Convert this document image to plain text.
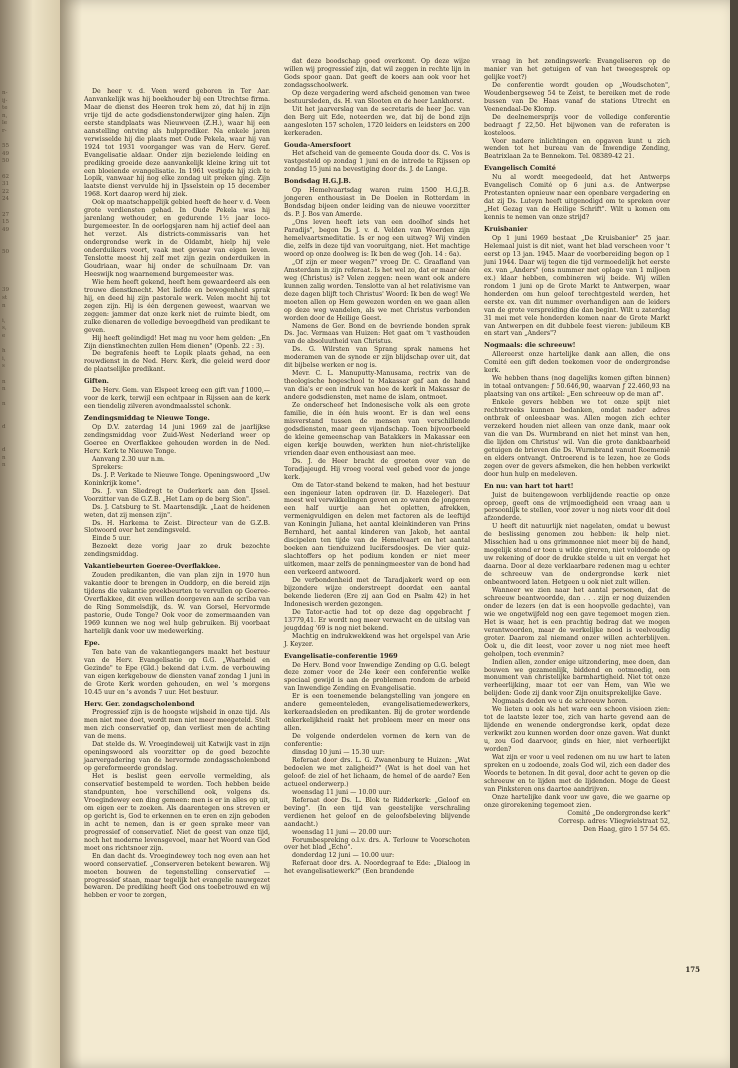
n-
ij-
te
n,
le
r-

55
49
50

62
31
22
24

27
15
49

50

39
st
n

i,
s,
e

h
i,
s

n
n

n

d

d
n
n

De heer v. d. Veen werd geboren in Ter Aar. Aanvankelijk was hij boekhouder bij een Utrechtse firma. Maar de dienst des Heeren trok hem zó, dat hij in zijn vrije tijd de acte godsdienstonderwijzer ging halen. Zijn eerste standplaats was Nieuwveen (Z.H.), waar hij een aanstelling ontving als hulpprediker. Na enkele jaren verwisselde hij die plaats met Oude Pekela, waar hij van 1924 tot 1931 voorganger was van de Herv. Geref. Evangelisatie aldaar. Onder zijn bezielende leiding en prediking groeide deze aanvankelijk kleine kring uit tot een bloeiende evangelisatie. In 1961 vestigde hij zich te Lopik, vanwaar hij nog elke zondag uit preken ging. Zijn laatste dienst vervulde hij in IJsselstein op 15 december 1968. Kort daarop werd hij ziek.

Ook op maatschappelijk gebied heeft de heer v. d. Veen grote verdiensten gehad. In Oude Pekela was hij jarenlang wethouder, en gedurende 1½ jaar loco-burgemeester. In de oorlogsjaren nam hij actief deel aan het verzet. Als districts-commissaris van het ondergrondse werk in de Oldambt, hielp hij vele onderduikers voort, vaak met gevaar van eigen leven. Tenslotte moest hij zelf met zijn gezin onderduiken in Goudriaan, waar hij onder de schuilnaam Dr. van Heeswijk nog waarnemend burgemeester was.

Wie hem heeft gekend, heeft hem gewaardeerd als een trouwe dienstknecht. Met liefde en bewogenheid sprak hij, en deed hij zijn pastorale werk. Velen mocht hij tot zegen zijn. Hij is één dergenen geweest, waarvan we zeggen: jammer dat onze kerk niet de ruimte biedt, om zulke dienaren de volledige bevoegdheid van predikant te geven.

Hij heeft geëindigd! Het mag nu voor hem gelden: „En Zijn dienstknechten zullen Hem dienen" (Openb. 22 : 3).

De begrafenis heeft te Lopik plaats gehad, na een rouwdienst in de Ned. Herv. Kerk, die geleid werd door de plaatselijke predikant.

Giften.

De Herv. Gem. van Elspeet kreeg een gift van ƒ 1000,— voor de kerk, terwijl een echtpaar in Rijssen aan de kerk een tiendelig zilveren avondmaalsstel schonk.

Zendingsmiddag te Nieuwe Tonge.

Op D.V. zaterdag 14 juni 1969 zal de jaarlijkse zendingsmiddag voor Zuid-West Nederland weer op Goeree en Overflakkee gehouden worden in de Ned. Herv. Kerk te Nieuwe Tonge.

Aanvang 2.30 uur n.m.

Sprekers:

Ds. J. P. Verkade te Nieuwe Tonge. Openingswoord „Uw Koninkrijk kome".

Ds. J. van Sliedregt te Ouderkerk aan den IJssel. Voorzitter van de G.Z.B. „Het Lam op de berg Sion".

Ds. J. Catsburg te St. Maartensdijk. „Laat de heidenen weten, dat zij mensen zijn".

Ds. H. Harkema te Zeist. Directeur van de G.Z.B. Slotwoord over het zendingsveld.

Einde 5 uur.

Bezoekt deze vorig jaar zo druk bezochte zendingsmiddag.

Vakantiebeurten Goeree-Overflakkee.

Zouden predikanten, die van plan zijn in 1970 hun vakantie door te brengen in Ouddorp, en die bereid zijn tijdens die vakantie preekbeurten te vervullen op Goeree-Overflakkee, dit even willen doorgeven aan de scriba van de Ring Sommelsdijk, ds. W. van Gorsel, Hervormde pastorie, Oude Tonge? Ook voor de zomermaanden van 1969 kunnen we nog wel hulp gebruiken. Bij voorbaat hartelijk dank voor uw medewerking.

Epe.

Ten bate van de vakantiegangers maakt het bestuur van de Herv. Evangelisatie op G.G. „Waarheid en Gezinde" te Epe (Gld.) bekend dat i.v.m. de verbouwing van eigen kerkgebouw de diensten vanaf zondag 1 juni in de Grote Kerk worden gehouden, en wel 's morgens 10.45 uur en 's avonds 7 uur. Het bestuur.

Herv. Ger. zondagscholenbond

Progressief zijn is de hoogste wijsheid in onze tijd. Als men niet mee doet, wordt men niet meer meegeteld. Stelt men zich conservatief op, dan verliest men de achting van de mens.

Dat stelde ds. W. Vroegindeweij uit Katwijk vast in zijn openingswoord als voorzitter op de goed bezochte jaarvergadering van de hervormde zondagsscholenbond op gereformeerde grondslag.

Het is beslist geen eervolle vermelding, als conservatief bestempeld te worden. Toch hebben beide standpunten, hoe verschillend ook, volgens ds. Vroegindewey een ding gemeen: men is er in alles op uit, om eigen eer te zoeken. Als daarentegen ons streven er op gericht is, God te erkennen en te eren en zijn geboden in acht te nemen, dan is er geen sprake meer van progressief of conservatief. Niet de geest van onze tijd, noch het moderne levensgevoel, maar het Woord van God moet ons richtsnoer zijn.

En dan dacht ds. Vroegindewey toch nog even aan het woord conservatief. „Conserveren betekent bewaren. Wij moeten bouwen de tegenstelling conservatief — progressief staan, maar tegelijk het evangelie nauwgezet bewaren. De prediking heeft God ons toebetrouwd en wij hebben er voor te zorgen,

dat deze boodschap goed overkomt. Op deze wijze willen wij progressief zijn, dat wil zeggen in rechte lijn in Gods spoor gaan. Dat geeft de koers aan ook voor het zondagsschoolwerk.

Op deze vergadering werd afscheid genomen van twee bestuursleden, ds. H. van Slooten en de heer Lankhorst.

Uit het jaarverslag van de secretaris de heer Jac. van den Berg uit Ede, noteerden we, dat bij de bond zijn aangesloten 157 scholen, 1720 leiders en leidsters en 200 kerkeraden.

Gouda-Amersfoort

Het afscheid van de gemeente Gouda door ds. C. Vos is vastgesteld op zondag 1 juni en de intrede te Rijssen op zondag 15 juni na bevestiging door ds. J. de Lange.

Bondsdag H.G.J.B.

Op Hemelvaartsdag waren ruim 1500 H.G.J.B. jongeren enthousiast in De Doelen in Rotterdam in Bondsdag bijeen onder leiding van de nieuwe voorzitter ds. P. J. Bos van Amerde.

„Ons leven heeft iets van een doolhof sinds het Paradijs", begon Ds J. v. d. Velden van Woerden zijn hemelvaartsmeditatie. Is er nog een uitweg? Wij vinden die, zelfs in deze tijd van vooruitgang, niet. Het machtige woord op onze doolweg is: Ik ben de weg (Joh. 14 : 6a).

„Of zijn er meer wegen?" vroeg Dr. C. Graafland van Amsterdam in zijn referaat. Is het wel zo, dat er maar één weg (Christus) is? Velen zeggen: neen want ook andere kunnen zalig worden. Tenslotte van al het relativisme van deze dagen blijft toch Christus' Woord: Ik ben de weg! We moeten allen op Hem gewezen worden en we gaan allen op deze weg wandelen, als we met Christus verbonden worden door de Heilige Geest.

Namens de Ger. Bond en de bevriende bonden sprak Ds. Jac. Vermaas van Huizen: Het gaat om 't vasthouden van de absoluutheid van Christus.

Ds. G. Wilrsten van Sprang sprak namens het moderamen van de synode er zijn blijdschap over uit, dat dit bijbelse werken er nog is.

Mevr. C. L. Manuputty-Manusama, rectrix van de theologische hogeschool te Makassar gaf aan de hand van dia's er een indruk van hoe de kerk in Makassar de andere godsdiensten, met name de islam, ontmoet.

Ze onderscheef het Indonesische volk als een grote familie, die in één huis woont. Er is dan wel eens misverstand tussen de mensen van verschillende godsdiensten, maar geen vijandschap. Toen bijvoorbeeld de kleine gemeenschap van Batakkers in Makassar een eigen kerkje bouwden, werkten hun niet-christelijke vrienden daar even enthousiast aan mee.

Ds. J. de Heer bracht de groeten over van de Toradjajeugd. Hij vroeg vooral veel gebed voor de jonge kerk.

Om de Tator-stand bekend te maken, had het bestuur een ingenieur laten opdraven (ir. D. Hazeleger). Dat moest wel verwikkelingen geven en zo waren de jongeren een half uurtje aan het opletten, afrekken, vermenigvuldigen en delen met factoren als de leeftijd van Koningin Juliana, het aantal kleinkinderen van Prins Bernhard, het aantal kinderen van Jakob, het aantal discipelen ten tijde van de Hemelvaart en het aantal boeken aan tienduizend lucifersdoosjes. De vier quiz-slachtoffers op het podium konden er niet meer uitkomen, maar zelfs de penningmeester van de bond had een verkeerd antwoord.

De verbondenheid met de Taradjakerk werd op een bijzondere wijze onderstreept doordat een aantal bekende liederen (Ere zij aan God en Psalm 42) in het Indonesisch werden gezongen.

De Tator-actie had tot op deze dag opgebracht ƒ 13779,41. Er wordt nog meer verwacht en de uitslag van jeugddag '69 is nog niet bekend.

Machtig en indrukwekkend was het orgelspel van Arie J. Keyzer.

Evangelisatie-conferentie 1969

De Herv. Bond voor Inwendige Zending op G.G. belegt deze zomer voor de 24e keer een conferentie welke speciaal gewijd is aan de problemen rondom de arbeid van Inwendige Zending en Evangelisatie.

Er is een toenemende belangstelling van jongere en andere gemeenteleden, evangelisatiemedewerkers, kerkeraadsleden en predikanten. Bij de groter wordende onkerkelijkheid raakt het probleem meer en meer ons allen.

De volgende onderdelen vormen de kern van de conferentie:

dinsdag 10 juni — 15.30 uur:

Referaat door drs. L. G. Zwanenburg te Huizen: „Wat bedoelen we met zaligheid?" (Wat is het doel van het geloof: de ziel of het lichaam, de hemel of de aarde? Een actueel onderwerp.)

woensdag 11 juni — 10.00 uur:

Referaat door Ds. L. Blok te Ridderkerk: „Geloof en beving". (In een tijd van geestelijke verschraling verdienen het geloof en de geloofsbeleving blijvende aandacht.)

woensdag 11 juni — 20.00 uur:

Forumbespreking o.l.v. drs. A. Terlouw te Voorschoten over het blad „Echo".

donderdag 12 juni — 10.00 uur:

Referaat door drs. A. Noordegraaf te Ede: „Dialoog in het evangelisatiewerk?" (Een brandende

vraag in het zendingswerk: Evangeliseren op de manier van het getuigen of van het tweegesprek op gelijke voet?)

De conferentie wordt gouden op „Woudschoten", Woudenbergseweg 54 te Zeist, te bereiken met de rode bussen van De Haas vanaf de stations Utrecht en Veenendaal-De Klomp.

De deelnemersprijs voor de volledige conferentie bedraagt ƒ 22,50. Het bijwonen van de referaten is kosteloos.

Voor nadere inlichtingen en opgaven kunt u zich wenden tot het bureau van de Inwendige Zending, Beatrixlaan 2a te Bennekom. Tel. 08389-42 21.

Evangelisch Comité

Nu al wordt meegedeeld, dat het Antwerps Evangelisch Comité op 6 juni a.s. de Antwerpse Protestanten opnieuw naar een openbare vergadering en dat zij Ds. Luteyn heeft uitgenodigd om te spreken over „Het Gezag van de Heilige Schrift". Wilt u komen om kennis te nemen van onze strijd?

Kruisbanier

Op 1 juni 1969 bestaat „De Kruisbanier" 25 jaar. Helemaal juist is dit niet, want het blad verscheen voor 't eerst op 13 jan. 1945. Maar de voorbereiding begon op 1 juni 1944. Daar wij tegen die tijd vermoedelijk het eerste ex. van „Anders" (ons nummer met oplage van 1 miljoen ex.) klaar hebben, combineren wij beide. Wij willen rondom 1 juni op de Grote Markt te Antwerpen, waar honderden om hun geloof terechtgesteld werden, het eerste ex. van dit nummer overhandigen aan de leiders van de grote verspreiding die dan begint. Wilt u zaterdag 31 mei met vele honderden komen naar de Grote Markt van Antwerpen en dit dubbele feest vieren: jubileum KB en start van „Anders"?

Nogmaals: die schreeuw!

Allereerst onze hartelijke dank aan allen, die ons Comité een gift deden toekomen voor de ondergrondse kerk.

We hebben thans (nog dagelijks komen giften binnen) in totaal ontvangen: ƒ 50.646,90, waarvan ƒ 22.460,93 na plaatsing van ons artikel: „Een schreeuw op de man af".

Enkele gevers hebben we tot onze spijt niet rechtstreeks kunnen bedanken, omdat nader adres ontbrak of onleesbaar was. Allen mogen zich echter verzekerd houden niet alleen van onze dank, maar ook van die van Ds. Wurmbrand en niet het minst van hen, die lijden om Christus' wil. Van die grote dankbaarheid getuigen de brieven die Ds. Wurmbrand vanuit Roemenië en elders ontvangt. Ontroerend is te lezen, hoe ze Gods zegen over de gevers afsmeken, die hen hebben verkwikt door hun hulp en medeleven.

En nu: van hart tot hart!

Juist de buitengewoon verblijdende reactie op onze oproep, geeft ons de vrijmoedigheid een vraag aan u persoonlijk te stellen, voor zover u nog niets voor dit doel afzonderde.

U heeft dit natuurlijk niet nagelaten, omdat u bewust de beslissing genomen zou hebben: ik help niet. Misschien had u ons grimmonnee niet meer bij de hand, mogelijk stond er toen u wilde gireren, niet voldoende op uw rekening of door de drukke stelde u uit en vergat het daarna. Door al deze verklaarbare redenen mag u echter de schreeuw van de ondergrondse kerk niet onbeantwoord laten. Hetgeen u ook niet zult willen.

Wanneer we zien naar het aantal personen, dat de schreeuw beantwoordde, dan . . . zijn er nog duizenden onder de lezers (en dat is een hoopvolle gedachte), van wie we ongetwijfeld nog een gave tegemoet mogen zien. Het is waar, het is een prachtig bedrag dat we mogen verantwoorden, maar de werkelijke nood is veelvoudig groter. Daarom zal niemand onzer willen achterblijven. Ook u, die dit leest, voor zover u nog niet mee heeft geholpen, toch evenmin?

Indien allen, zonder enige uitzondering, mee doen, dan bouwen we gezamenlijk, biddend en ootmoedig, een monument van christelijke barmhartigheid. Niet tot onze verheerlijking, maar tot eer van Hem, van Wie we belijden: Gode zij dank voor Zijn onuitsprekelijke Gave.

Nogmaals deden we u de schreeuw horen.

We lieten u ook als het ware een schoon visioen zien: tot de laatste lezer toe, zich van harte gevend aan de lijdende en wenende ondergrondse kerk, opdat deze verkwikt zou kunnen worden door onze gaven. Wat dunkt u, zou God daarvoor, ginds en hier, niet verheerlijkt worden?

Wat zijn er voor u veel redenen om nu uw hart te laten spreken en u zodoende, zoals God wil, zich een dader des Woords te betonen. In dit geval, door acht te geven op die schreeuw en te lijden met de lijdenden. Moge de Geest van Pinksteren ons daartoe aandrijven.

Onze hartelijke dank voor uw gave, die we gaarne op onze girorekening tegemoet zien.

Comité „De ondergrondse kerk"

Corresp. adres: Vliegwielstraat 52,

Den Haag, giro 1 57 54 65.

175
